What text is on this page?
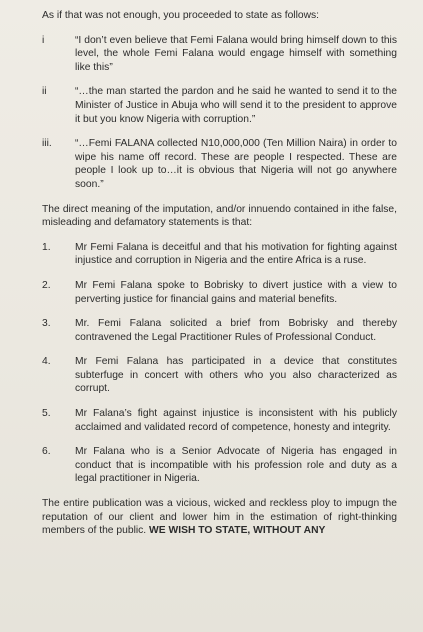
As if that was not enough, you proceeded to state as follows:

i	“I don’t even believe that Femi Falana would bring himself down to this level, the whole Femi Falana would engage himself with something like this”
ii	“…the man started the pardon and he said he wanted to send it to the Minister of Justice in Abuja who will send it to the president to approve it but you know Nigeria with corruption.”
iii.	“…Femi FALANA collected N10,000,000 (Ten Million Naira) in order to wipe his name off record. These are people I respected. These are people I look up to…it is obvious that Nigeria will not go anywhere soon.”

The direct meaning of the imputation, and/or innuendo contained in ithe false, misleading and defamatory statements is that:

1.	Mr Femi Falana is deceitful and that his motivation for fighting against injustice and corruption in Nigeria and the entire Africa is a ruse.
2.	Mr Femi Falana spoke to Bobrisky to divert justice with a view to perverting justice for financial gains and material benefits.
3.	Mr. Femi Falana solicited a brief from Bobrisky and thereby contravened the Legal Practitioner Rules of Professional Conduct.
4.	Mr Femi Falana has participated in a device that constitutes subterfuge in concert with others who you also characterized as corrupt.
5.	Mr Falana’s fight against injustice is inconsistent with his publicly acclaimed and validated record of competence, honesty and integrity.
6.	Mr Falana who is a Senior Advocate of Nigeria has engaged in conduct that is incompatible with his profession role and duty as a legal practitioner in Nigeria.

The entire publication was a vicious, wicked and reckless ploy to impugn the reputation of our client and lower him in the estimation of right-thinking members of the public. WE WISH TO STATE, WITHOUT ANY
